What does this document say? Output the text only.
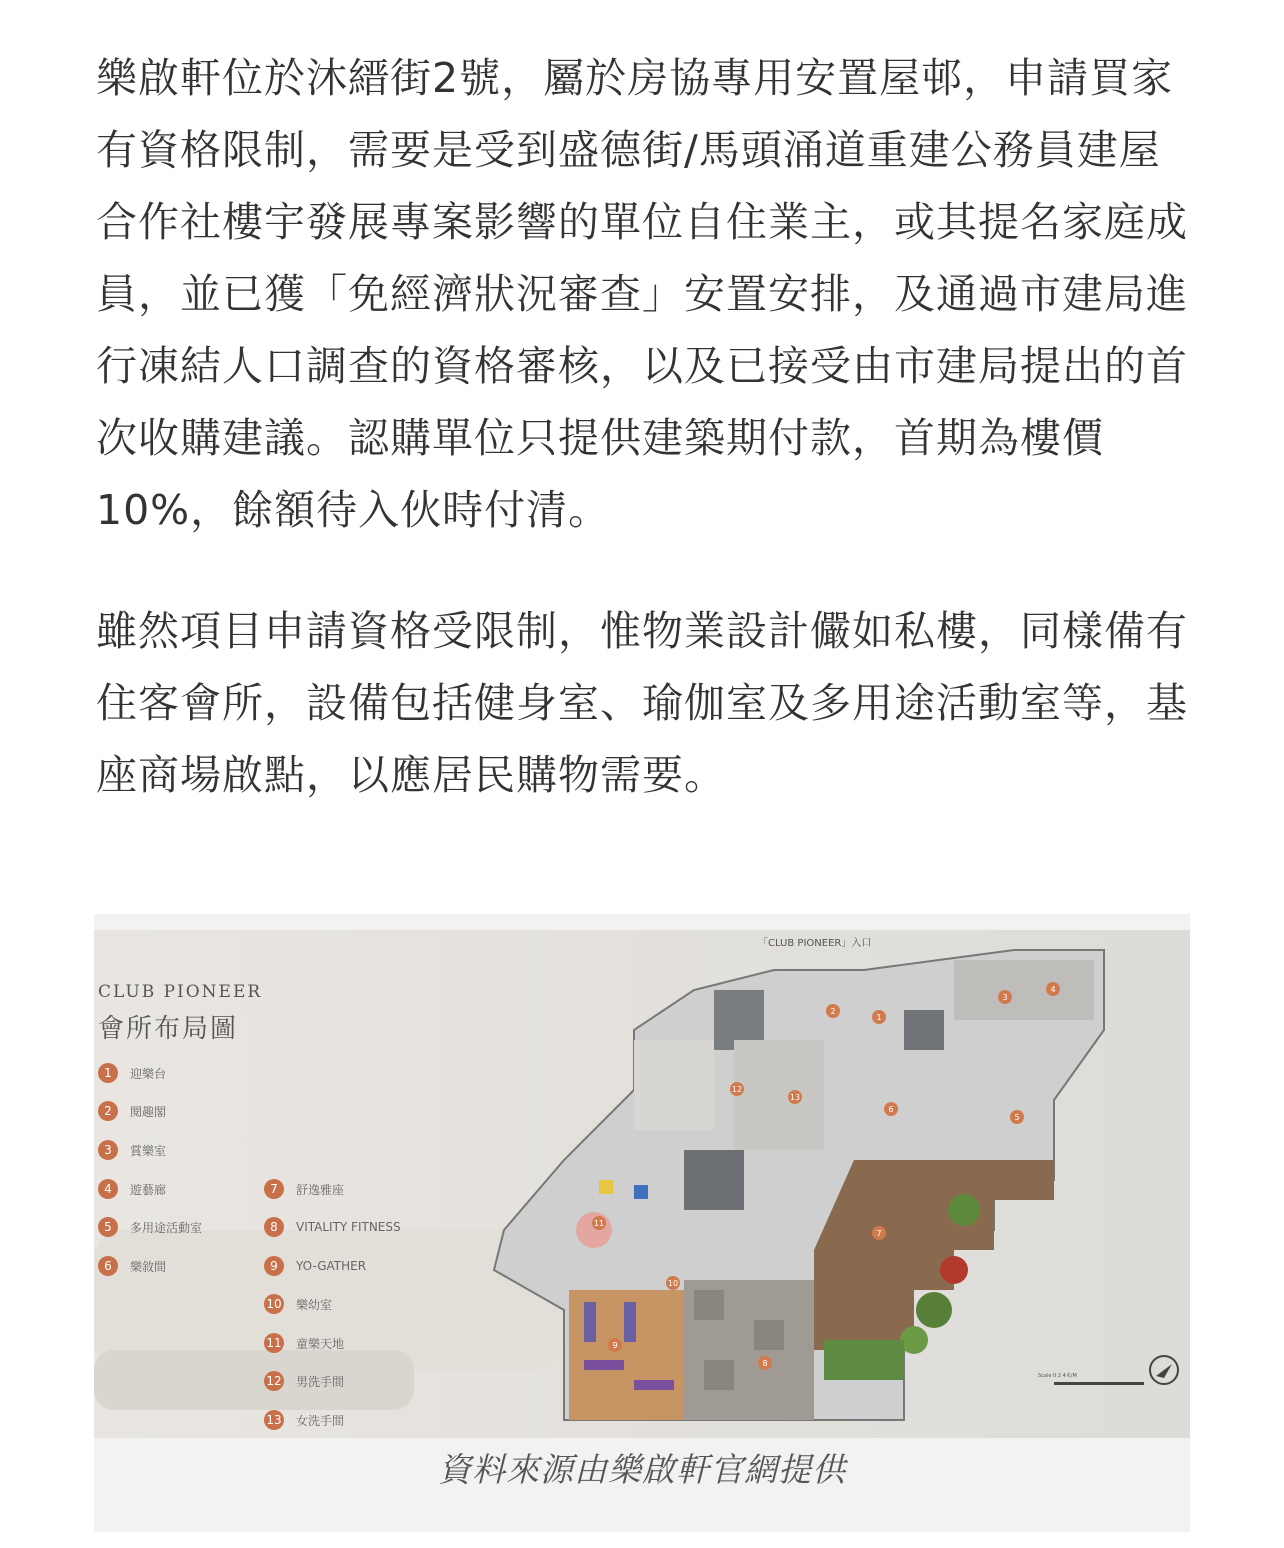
樂啟軒位於沐縉街2號，屬於房協專用安置屋邨，申請買家有資格限制，需要是受到盛德街/馬頭涌道重建公務員建屋合作社樓宇發展專案影響的單位自住業主，或其提名家庭成員，並已獲「免經濟狀況審查」安置安排，及通過市建局進行凍結人口調查的資格審核，以及已接受由市建局提出的首次收購建議。認購單位只提供建築期付款，首期為樓價10%，餘額待入伙時付清。

雖然項目申請資格受限制，惟物業設計儼如私樓，同樣備有住客會所，設備包括健身室、瑜伽室及多用途活動室等，基座商場啟點，以應居民購物需要。

CLUB PIONEER
會所布局圖
「CLUB PIONEER」入口
1	迎樂台
2	閱趣閣
3	賞樂室
4	遊藝廊
5	多用途活動室
6	樂敘間
7	舒逸雅座
8	VITALITY FITNESS
9	YO-GATHER
10 樂幼室
11 童樂天地
12 男洗手間
13 女洗手間
1
2
3
4
5
6
7
8
9
10
11
12
13
Scale 0 2 4米/M
資料來源由樂啟軒官網提供
